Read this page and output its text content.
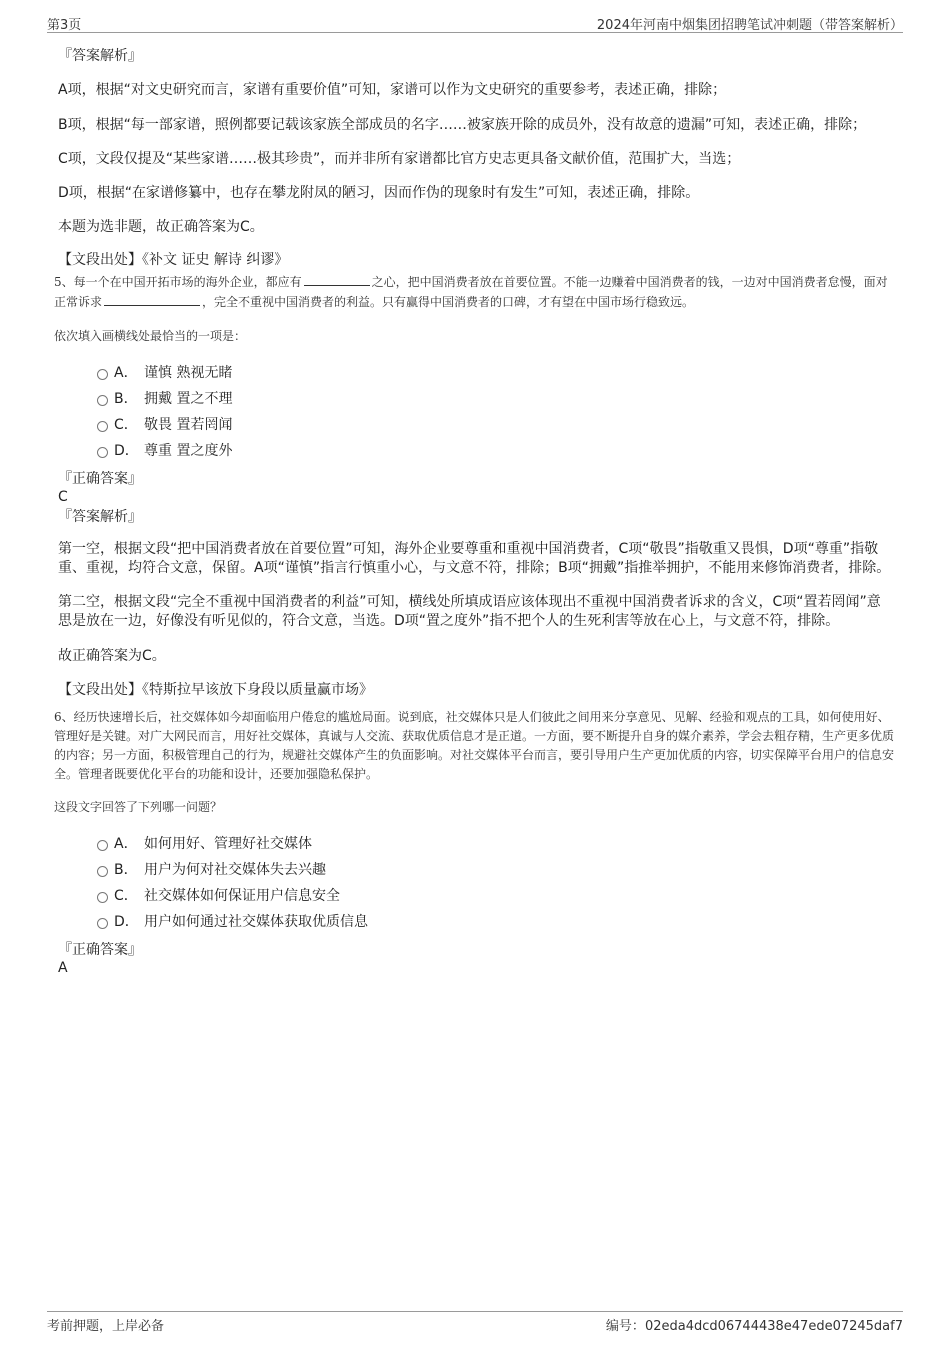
第3页	2024年河南中烟集团招聘笔试冲刺题（带答案解析）
『答案解析』
A项，根据“对文史研究而言，家谱有重要价值”可知，家谱可以作为文史研究的重要参考，表述正确，排除；
B项，根据“每一部家谱，照例都要记载该家族全部成员的名字……被家族开除的成员外，没有故意的遗漏”可知，表述正确，排除；
C项，文段仅提及“某些家谱……极其珍贵”，而并非所有家谱都比官方史志更具备文献价值，范围扩大，当选；
D项，根据“在家谱修纂中，也存在攀龙附凤的陋习，因而作伪的现象时有发生”可知，表述正确，排除。
本题为选非题，故正确答案为C。
【文段出处】《补文 证史 解诗 纠谬》

5、每一个在中国开拓市场的海外企业，都应有	之心，把中国消费者放在首要位置。不能一边赚着中国消费者的钱，一边对中国消费者怠慢，面对正常诉求	，完全不重视中国消费者的利益。只有赢得中国消费者的口碑，才有望在中国市场行稳致远。

依次填入画横线处最恰当的一项是：

A． 谨慎 熟视无睹
B． 拥戴 置之不理
C． 敬畏 置若罔闻
D． 尊重 置之度外
『正确答案』
C
『答案解析』
第一空，根据文段“把中国消费者放在首要位置”可知，海外企业要尊重和重视中国消费者，C项“敬畏”指敬重又畏惧，D项“尊重”指敬重、重视，均符合文意，保留。A项“谨慎”指言行慎重小心，与文意不符，排除；B项“拥戴”指推举拥护，不能用来修饰消费者，排除。
第二空，根据文段“完全不重视中国消费者的利益”可知，横线处所填成语应该体现出不重视中国消费者诉求的含义，C项“置若罔闻”意思是放在一边，好像没有听见似的，符合文意，当选。D项“置之度外”指不把个人的生死利害等放在心上，与文意不符，排除。
故正确答案为C。
【文段出处】《特斯拉早该放下身段以质量赢市场》

6、经历快速增长后，社交媒体如今却面临用户倦怠的尴尬局面。说到底，社交媒体只是人们彼此之间用来分享意见、见解、经验和观点的工具，如何使用好、管理好是关键。对广大网民而言，用好社交媒体，真诚与人交流、获取优质信息才是正道。一方面，要不断提升自身的媒介素养，学会去粗存精，生产更多优质的内容；另一方面，积极管理自己的行为，规避社交媒体产生的负面影响。对社交媒体平台而言，要引导用户生产更加优质的内容，切实保障平台用户的信息安全。管理者既要优化平台的功能和设计，还要加强隐私保护。

这段文字回答了下列哪一问题？

A． 如何用好、管理好社交媒体
B． 用户为何对社交媒体失去兴趣
C． 社交媒体如何保证用户信息安全
D． 用户如何通过社交媒体获取优质信息
『正确答案』
A
考前押题，上岸必备	编号：02eda4dcd06744438e47ede07245daf7
